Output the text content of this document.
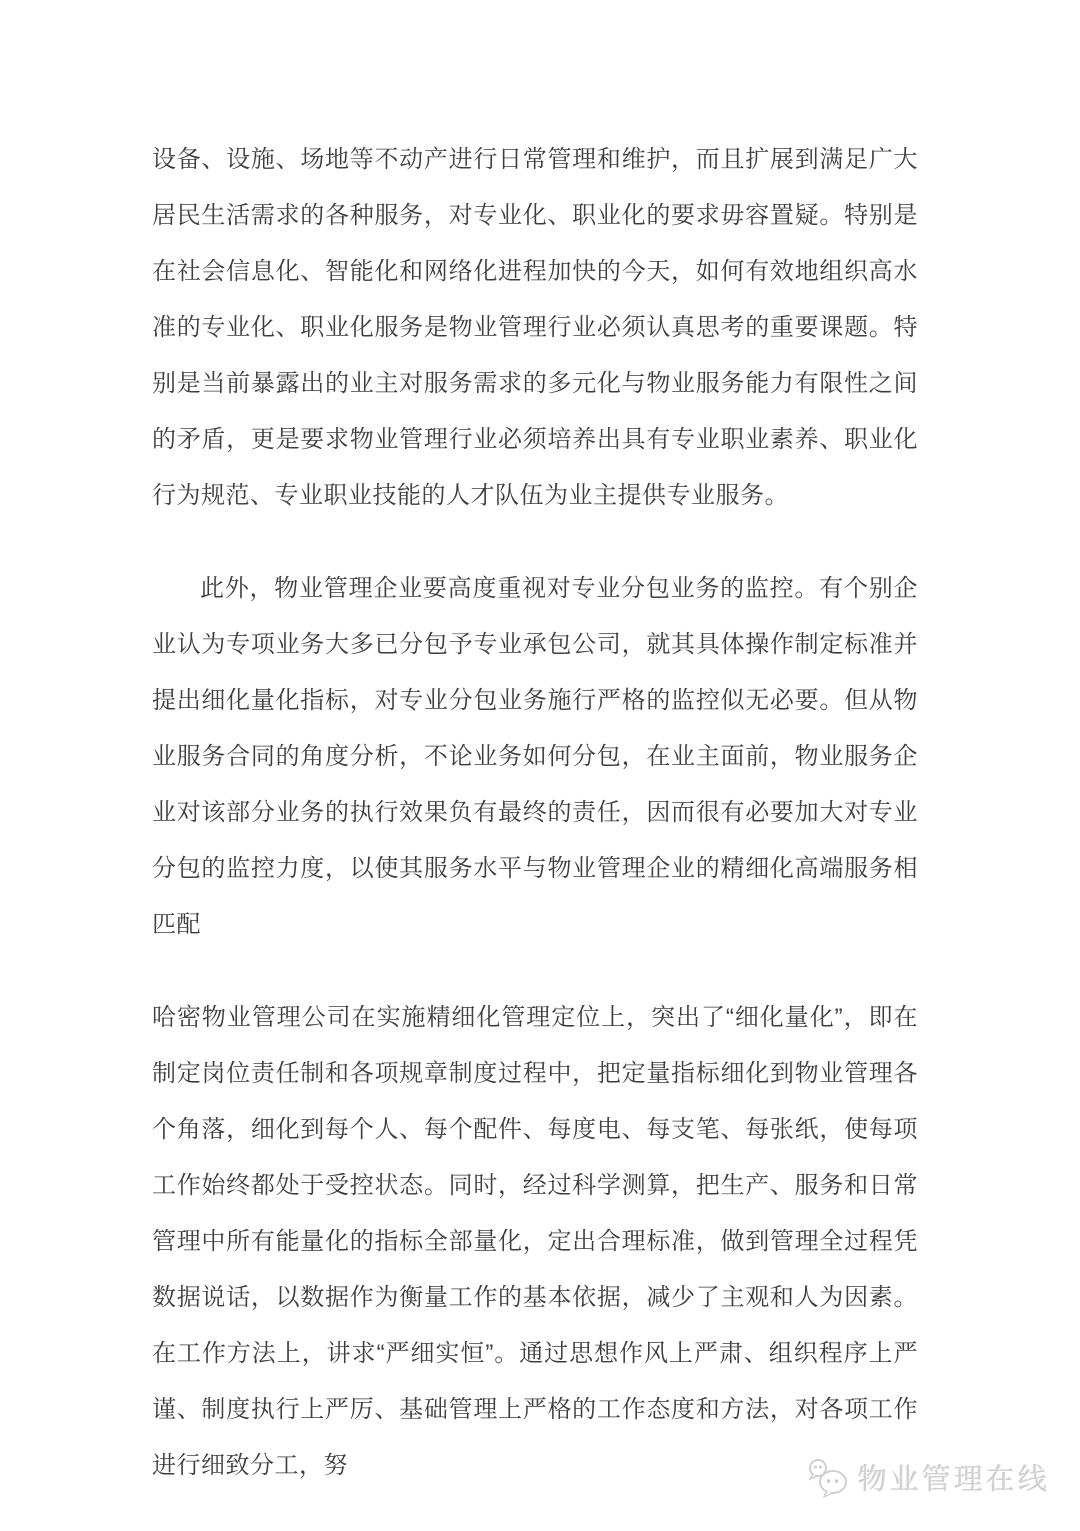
设备、设施、场地等不动产进行日常管理和维护，而且扩展到满足广大居民生活需求的各种服务，对专业化、职业化的要求毋容置疑。特别是在社会信息化、智能化和网络化进程加快的今天，如何有效地组织高水准的专业化、职业化服务是物业管理行业必须认真思考的重要课题。特别是当前暴露出的业主对服务需求的多元化与物业服务能力有限性之间的矛盾，更是要求物业管理行业必须培养出具有专业职业素养、职业化行为规范、专业职业技能的人才队伍为业主提供专业服务。

此外，物业管理企业要高度重视对专业分包业务的监控。有个别企业认为专项业务大多已分包予专业承包公司，就其具体操作制定标准并提出细化量化指标，对专业分包业务施行严格的监控似无必要。但从物业服务合同的角度分析，不论业务如何分包，在业主面前，物业服务企业对该部分业务的执行效果负有最终的责任，因而很有必要加大对专业分包的监控力度，以使其服务水平与物业管理企业的精细化高端服务相匹配

哈密物业管理公司在实施精细化管理定位上，突出了“细化量化”，即在制定岗位责任制和各项规章制度过程中，把定量指标细化到物业管理各个角落，细化到每个人、每个配件、每度电、每支笔、每张纸，使每项工作始终都处于受控状态。同时，经过科学测算，把生产、服务和日常管理中所有能量化的指标全部量化，定出合理标准，做到管理全过程凭数据说话，以数据作为衡量工作的基本依据，减少了主观和人为因素。在工作方法上，讲求“严细实恒”。通过思想作风上严肃、组织程序上严谨、制度执行上严厉、基础管理上严格的工作态度和方法，对各项工作进行细致分工，努	物业管理在线
